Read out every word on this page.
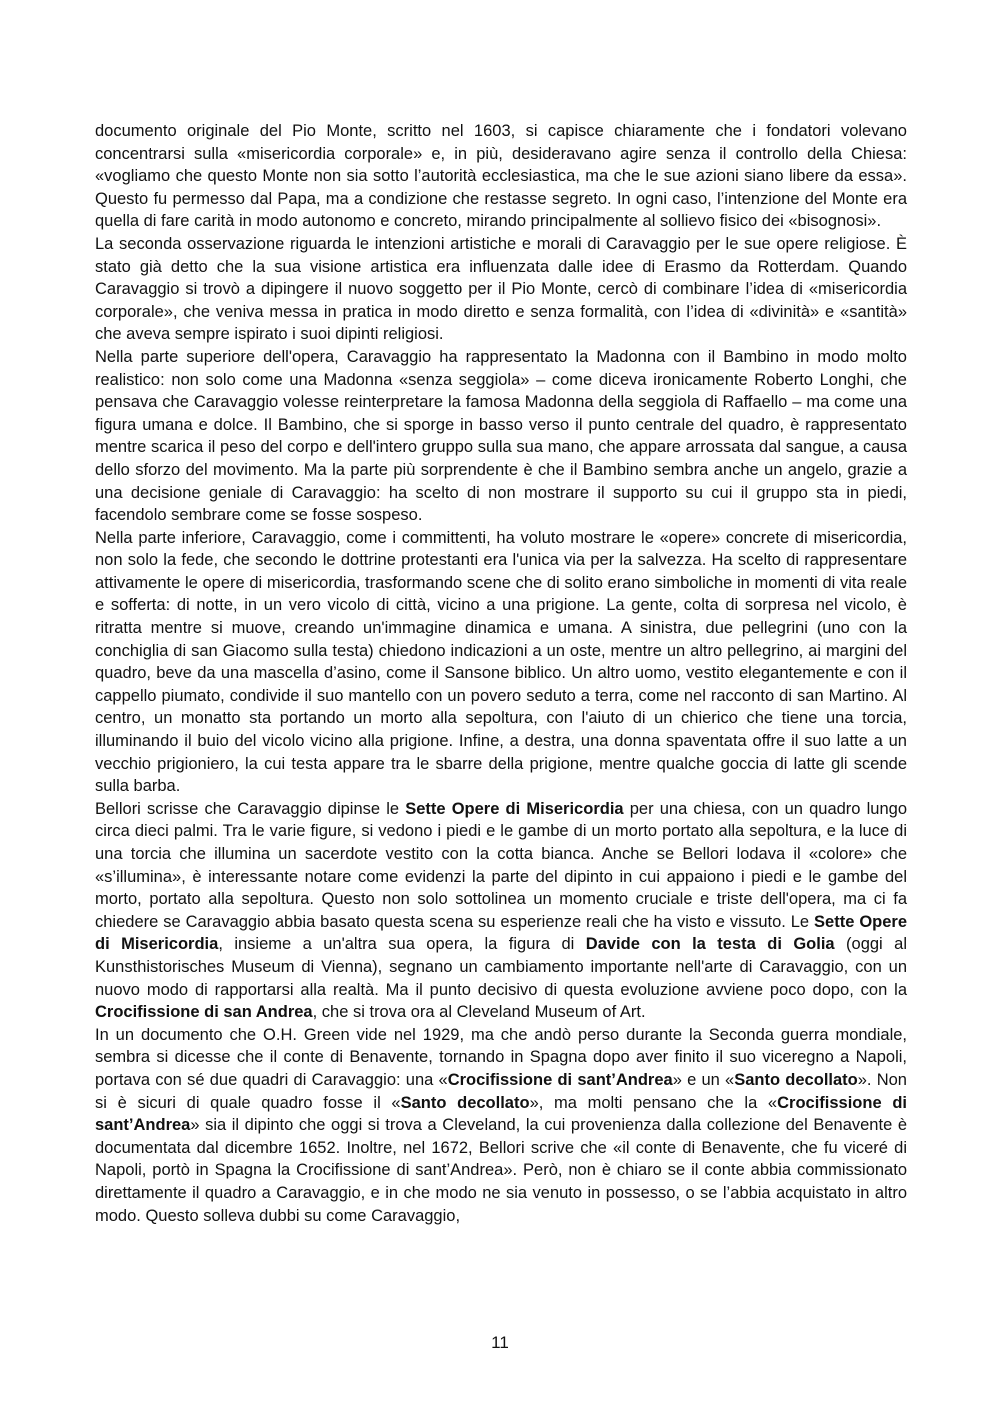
documento originale del Pio Monte, scritto nel 1603, si capisce chiaramente che i fondatori volevano concentrarsi sulla «misericordia corporale» e, in più, desideravano agire senza il controllo della Chiesa: «vogliamo che questo Monte non sia sotto l’autorità ecclesiastica, ma che le sue azioni siano libere da essa». Questo fu permesso dal Papa, ma a condizione che restasse segreto. In ogni caso, l’intenzione del Monte era quella di fare carità in modo autonomo e concreto, mirando principalmente al sollievo fisico dei «bisognosi».

La seconda osservazione riguarda le intenzioni artistiche e morali di Caravaggio per le sue opere religiose. È stato già detto che la sua visione artistica era influenzata dalle idee di Erasmo da Rotterdam. Quando Caravaggio si trovò a dipingere il nuovo soggetto per il Pio Monte, cercò di combinare l’idea di «misericordia corporale», che veniva messa in pratica in modo diretto e senza formalità, con l’idea di «divinità» e «santità» che aveva sempre ispirato i suoi dipinti religiosi.

Nella parte superiore dell'opera, Caravaggio ha rappresentato la Madonna con il Bambino in modo molto realistico: non solo come una Madonna «senza seggiola» – come diceva ironicamente Roberto Longhi, che pensava che Caravaggio volesse reinterpretare la famosa Madonna della seggiola di Raffaello – ma come una figura umana e dolce. Il Bambino, che si sporge in basso verso il punto centrale del quadro, è rappresentato mentre scarica il peso del corpo e dell'intero gruppo sulla sua mano, che appare arrossata dal sangue, a causa dello sforzo del movimento. Ma la parte più sorprendente è che il Bambino sembra anche un angelo, grazie a una decisione geniale di Caravaggio: ha scelto di non mostrare il supporto su cui il gruppo sta in piedi, facendolo sembrare come se fosse sospeso.

Nella parte inferiore, Caravaggio, come i committenti, ha voluto mostrare le «opere» concrete di misericordia, non solo la fede, che secondo le dottrine protestanti era l'unica via per la salvezza. Ha scelto di rappresentare attivamente le opere di misericordia, trasformando scene che di solito erano simboliche in momenti di vita reale e sofferta: di notte, in un vero vicolo di città, vicino a una prigione. La gente, colta di sorpresa nel vicolo, è ritratta mentre si muove, creando un'immagine dinamica e umana. A sinistra, due pellegrini (uno con la conchiglia di san Giacomo sulla testa) chiedono indicazioni a un oste, mentre un altro pellegrino, ai margini del quadro, beve da una mascella d’asino, come il Sansone biblico. Un altro uomo, vestito elegantemente e con il cappello piumato, condivide il suo mantello con un povero seduto a terra, come nel racconto di san Martino. Al centro, un monatto sta portando un morto alla sepoltura, con l'aiuto di un chierico che tiene una torcia, illuminando il buio del vicolo vicino alla prigione. Infine, a destra, una donna spaventata offre il suo latte a un vecchio prigioniero, la cui testa appare tra le sbarre della prigione, mentre qualche goccia di latte gli scende sulla barba.

Bellori scrisse che Caravaggio dipinse le Sette Opere di Misericordia per una chiesa, con un quadro lungo circa dieci palmi. Tra le varie figure, si vedono i piedi e le gambe di un morto portato alla sepoltura, e la luce di una torcia che illumina un sacerdote vestito con la cotta bianca. Anche se Bellori lodava il «colore» che «s’illumina», è interessante notare come evidenzi la parte del dipinto in cui appaiono i piedi e le gambe del morto, portato alla sepoltura. Questo non solo sottolinea un momento cruciale e triste dell'opera, ma ci fa chiedere se Caravaggio abbia basato questa scena su esperienze reali che ha visto e vissuto. Le Sette Opere di Misericordia, insieme a un'altra sua opera, la figura di Davide con la testa di Golia (oggi al Kunsthistorisches Museum di Vienna), segnano un cambiamento importante nell'arte di Caravaggio, con un nuovo modo di rapportarsi alla realtà. Ma il punto decisivo di questa evoluzione avviene poco dopo, con la Crocifissione di san Andrea, che si trova ora al Cleveland Museum of Art.

In un documento che O.H. Green vide nel 1929, ma che andò perso durante la Seconda guerra mondiale, sembra si dicesse che il conte di Benavente, tornando in Spagna dopo aver finito il suo viceregno a Napoli, portava con sé due quadri di Caravaggio: una «Crocifissione di sant’Andrea» e un «Santo decollato». Non si è sicuri di quale quadro fosse il «Santo decollato», ma molti pensano che la «Crocifissione di sant’Andrea» sia il dipinto che oggi si trova a Cleveland, la cui provenienza dalla collezione del Benavente è documentata dal dicembre 1652. Inoltre, nel 1672, Bellori scrive che «il conte di Benavente, che fu viceré di Napoli, portò in Spagna la Crocifissione di sant’Andrea». Però, non è chiaro se il conte abbia commissionato direttamente il quadro a Caravaggio, e in che modo ne sia venuto in possesso, o se l’abbia acquistato in altro modo. Questo solleva dubbi su come Caravaggio,

11
